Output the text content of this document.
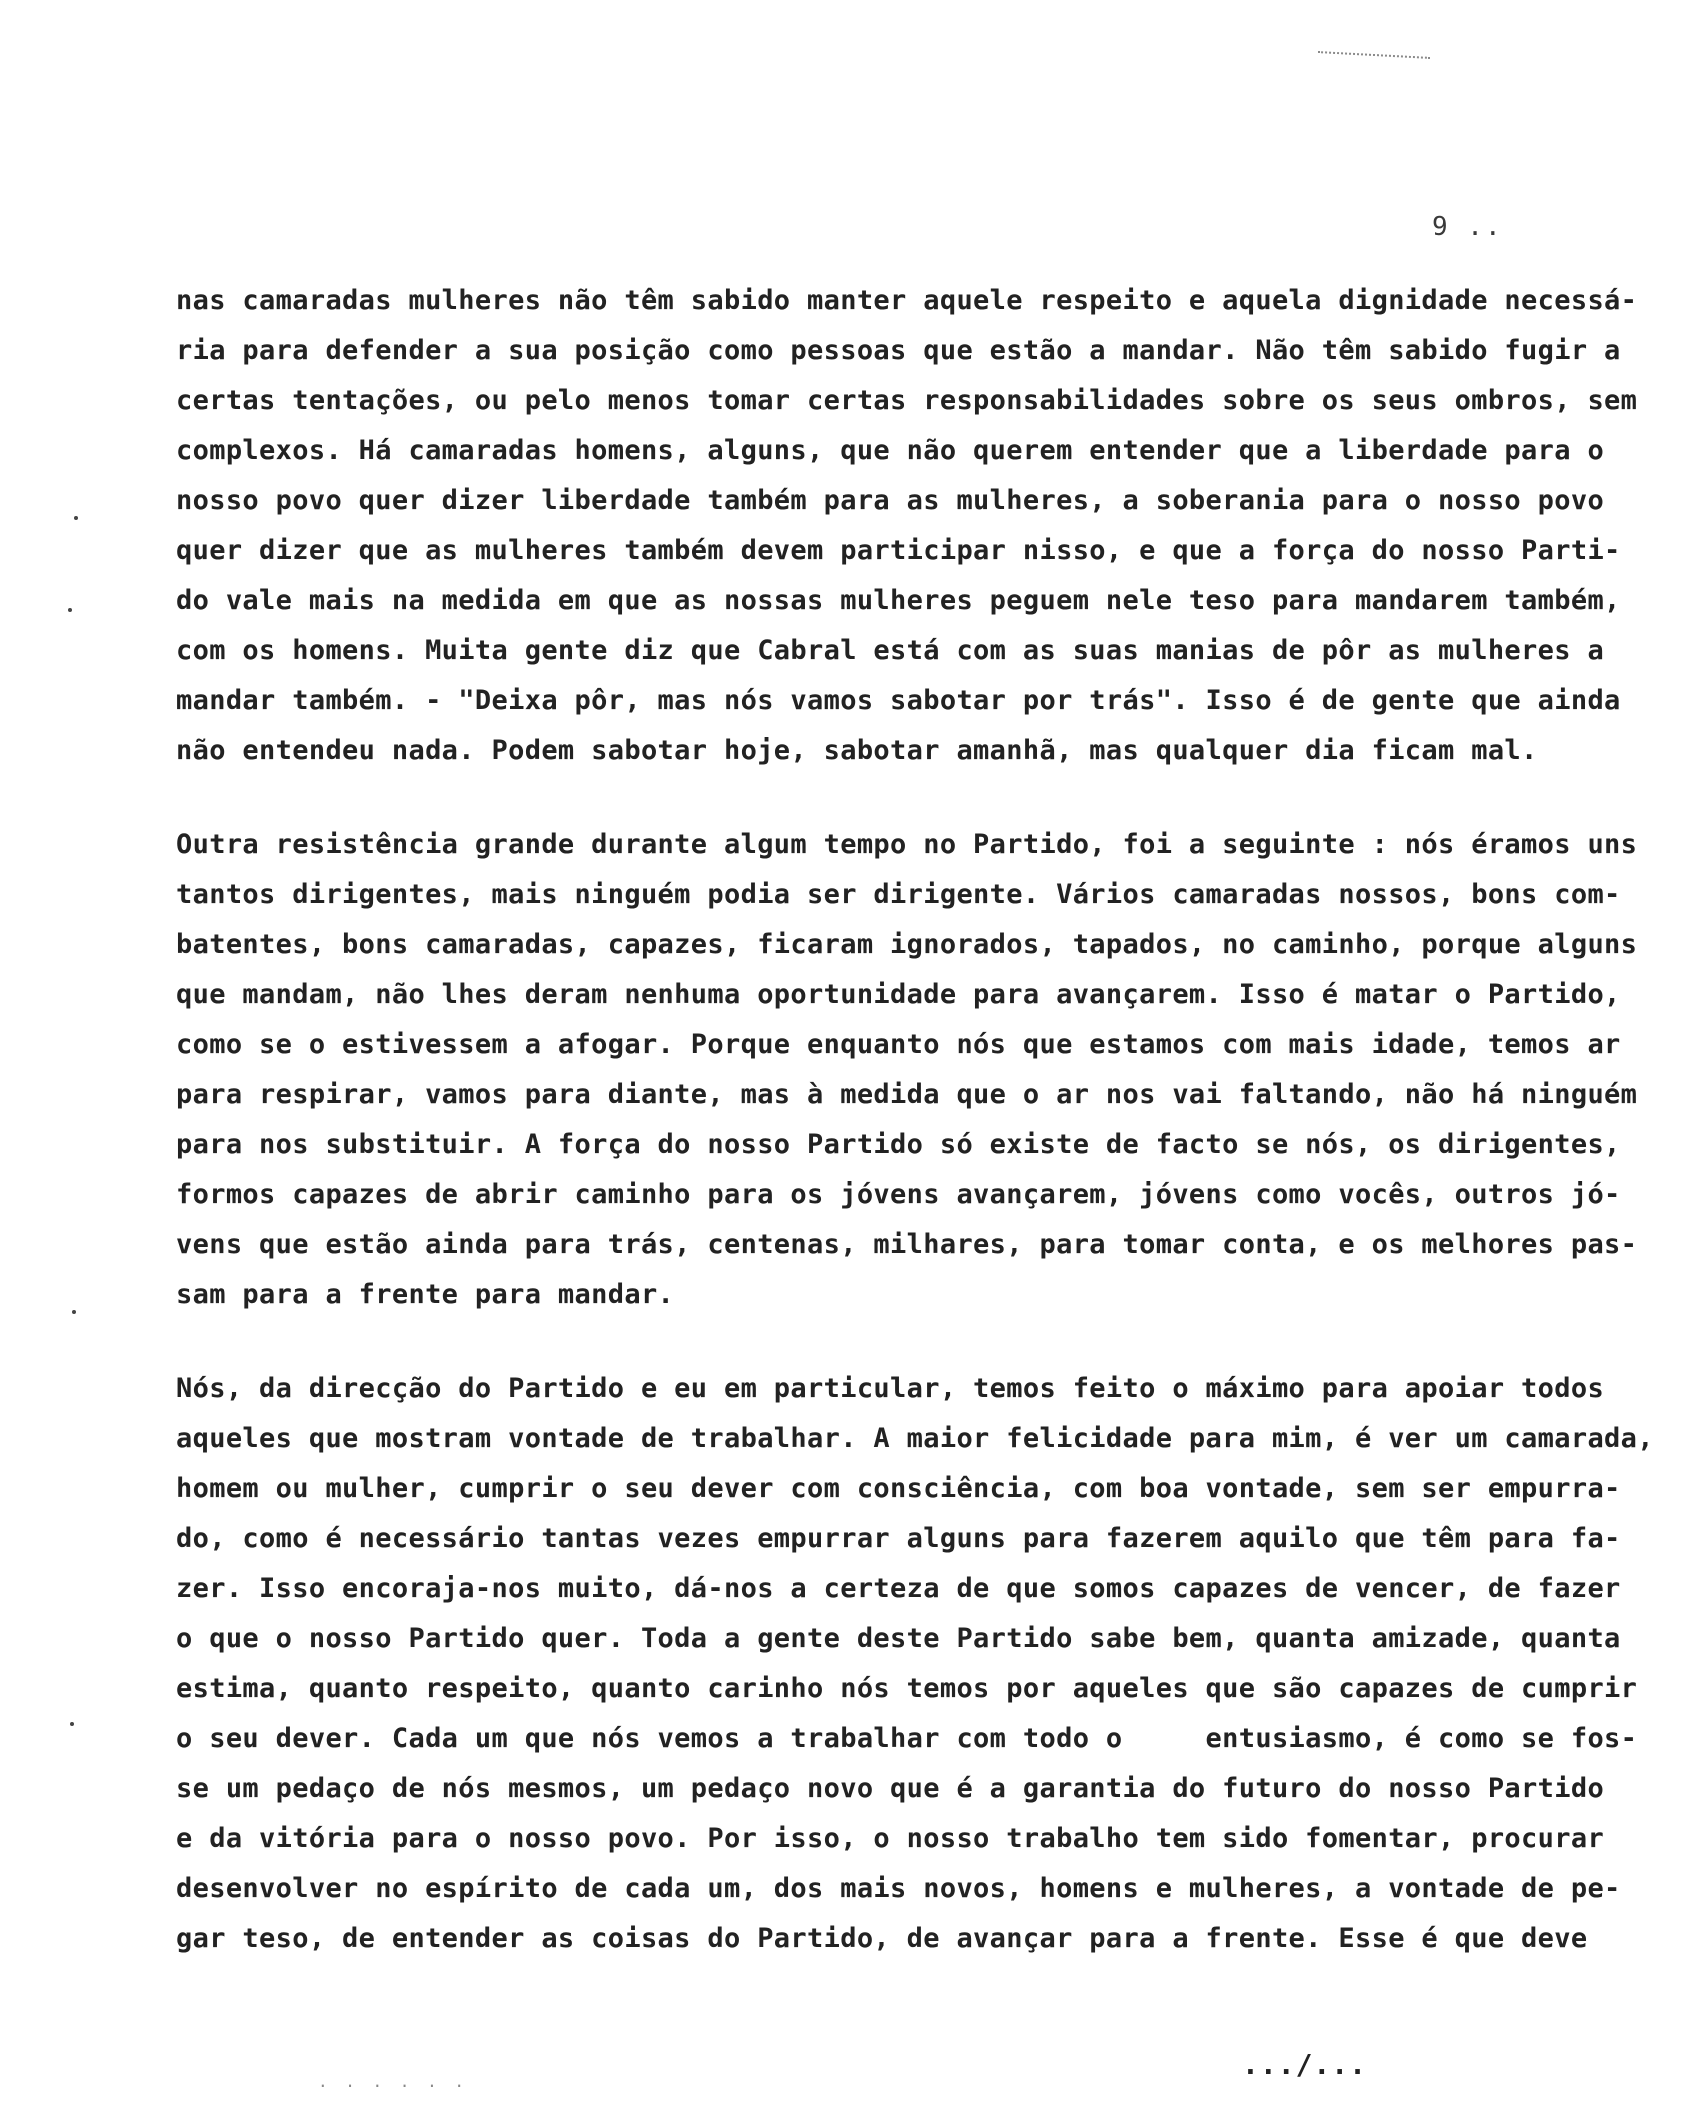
9 ..
nas camaradas mulheres não têm sabido manter aquele respeito e aquela dignidade necessá-
ria para defender a sua posição como pessoas que estão a mandar. Não têm sabido fugir a
certas tentações, ou pelo menos tomar certas responsabilidades sobre os seus ombros, sem
complexos. Há camaradas homens, alguns, que não querem entender que a liberdade para o
nosso povo quer dizer liberdade também para as mulheres, a soberania para o nosso povo
quer dizer que as mulheres também devem participar nisso, e que a força do nosso Parti-
do vale mais na medida em que as nossas mulheres peguem nele teso para mandarem também,
com os homens. Muita gente diz que Cabral está com as suas manias de pôr as mulheres a
mandar também. - "Deixa pôr, mas nós vamos sabotar por trás". Isso é de gente que ainda
não entendeu nada. Podem sabotar hoje, sabotar amanhã, mas qualquer dia ficam mal.
Outra resistência grande durante algum tempo no Partido, foi a seguinte : nós éramos uns
tantos dirigentes, mais ninguém podia ser dirigente. Vários camaradas nossos, bons com-
batentes, bons camaradas, capazes, ficaram ignorados, tapados, no caminho, porque alguns
que mandam, não lhes deram nenhuma oportunidade para avançarem. Isso é matar o Partido,
como se o estivessem a afogar. Porque enquanto nós que estamos com mais idade, temos ar
para respirar, vamos para diante, mas à medida que o ar nos vai faltando, não há ninguém
para nos substituir. A força do nosso Partido só existe de facto se nós, os dirigentes,
formos capazes de abrir caminho para os jóvens avançarem, jóvens como vocês, outros jó-
vens que estão ainda para trás, centenas, milhares, para tomar conta, e os melhores pas-
sam para a frente para mandar.
Nós, da direcção do Partido e eu em particular, temos feito o máximo para apoiar todos
aqueles que mostram vontade de trabalhar. A maior felicidade para mim, é ver um camarada,
homem ou mulher, cumprir o seu dever com consciência, com boa vontade, sem ser empurra-
do, como é necessário tantas vezes empurrar alguns para fazerem aquilo que têm para fa-
zer. Isso encoraja-nos muito, dá-nos a certeza de que somos capazes de vencer, de fazer
o que o nosso Partido quer. Toda a gente deste Partido sabe bem, quanta amizade, quanta
estima, quanto respeito, quanto carinho nós temos por aqueles que são capazes de cumprir
o seu dever. Cada um que nós vemos a trabalhar com todo o     entusiasmo, é como se fos-
se um pedaço de nós mesmos, um pedaço novo que é a garantia do futuro do nosso Partido
e da vitória para o nosso povo. Por isso, o nosso trabalho tem sido fomentar, procurar
desenvolver no espírito de cada um, dos mais novos, homens e mulheres, a vontade de pe-
gar teso, de entender as coisas do Partido, de avançar para a frente. Esse é que deve
.../...
. . . . . .
